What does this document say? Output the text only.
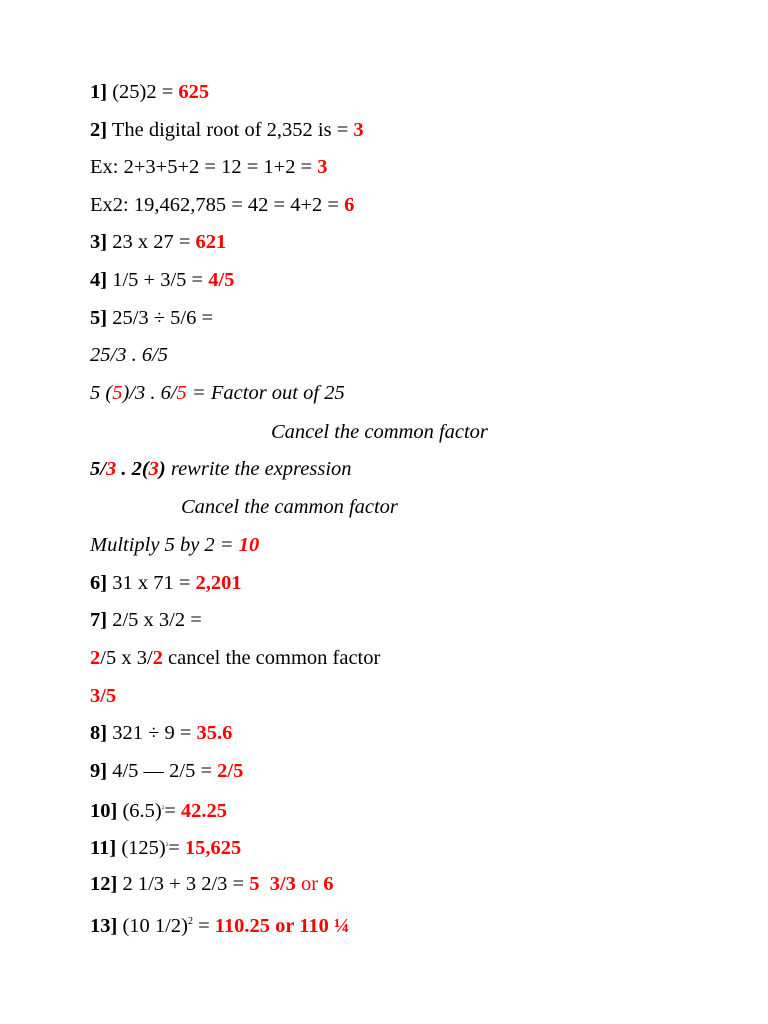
1] (25)2 = 625
2] The digital root of 2,352 is = 3
Ex: 2+3+5+2 = 12 = 1+2 = 3
Ex2: 19,462,785 = 42 = 4+2 = 6
3] 23 x 27 = 621
4] 1/5 + 3/5 = 4/5
5] 25/3 ÷ 5/6 =
25/3 . 6/5
5 (5)/3 . 6/5 = Factor out of 25
Cancel the common factor
5/3 . 2(3) rewrite the expression
Cancel the cammon factor
Multiply 5 by 2 = 10
6] 31 x 71 = 2,201
7] 2/5 x 3/2 =
2/5 x 3/2 cancel the common factor
3/5
8] 321 ÷ 9 = 35.6
9] 4/5 — 2/5 = 2/5
10] $(6.5)^2= 42.25$
11] $(125)^2= 15,625$
12] 2 1/3 + 3 2/3 = 5  3/3 or 6
13] (10 1/2)$^2$ = 110.25 or 110 ¼
